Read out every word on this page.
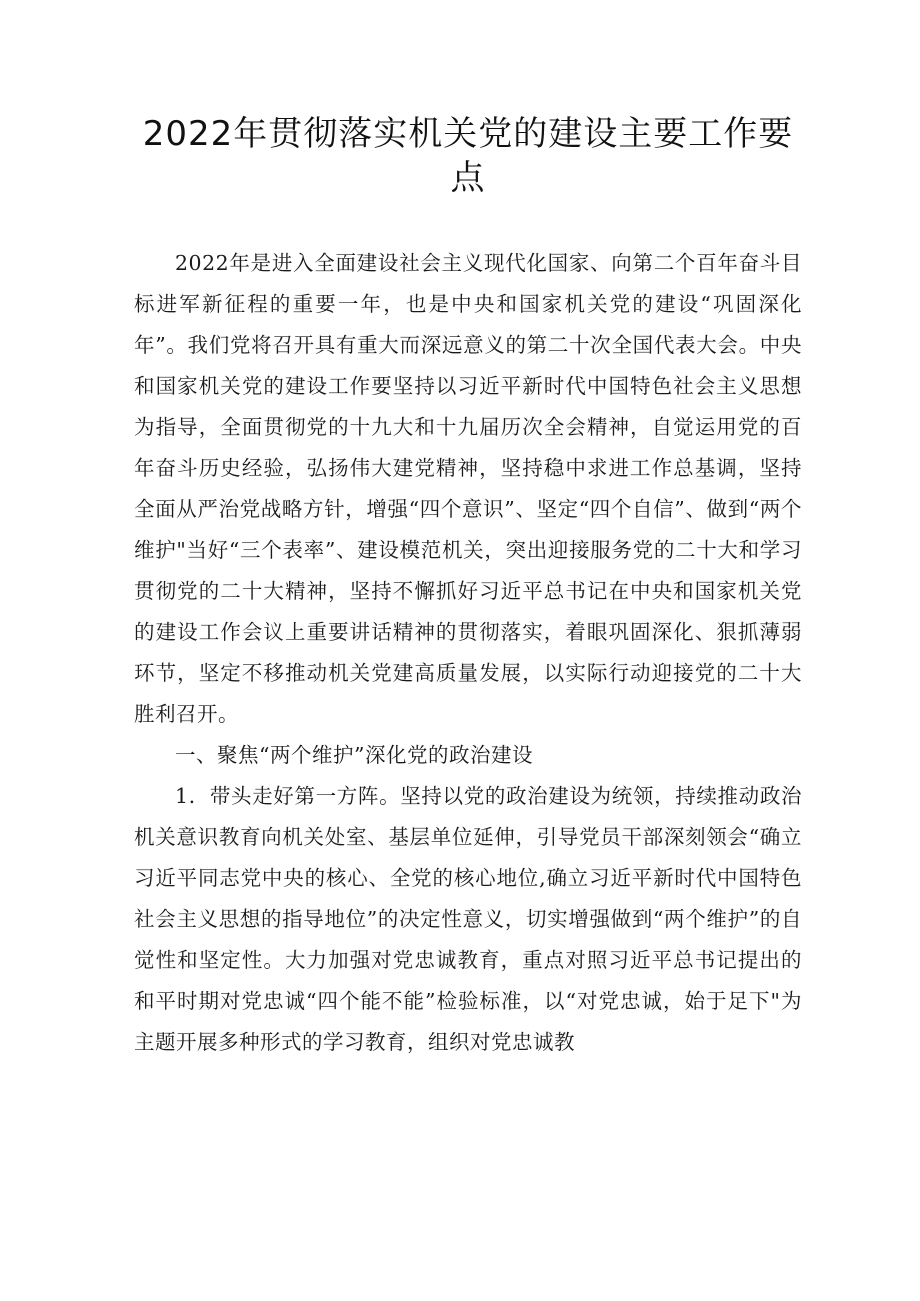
2022年贯彻落实机关党的建设主要工作要点

2022年是进入全面建设社会主义现代化国家、向第二个百年奋斗目标进军新征程的重要一年，也是中央和国家机关党的建设“巩固深化年”。我们党将召开具有重大而深远意义的第二十次全国代表大会。中央和国家机关党的建设工作要坚持以习近平新时代中国特色社会主义思想为指导，全面贯彻党的十九大和十九届历次全会精神，自觉运用党的百年奋斗历史经验，弘扬伟大建党精神，坚持稳中求进工作总基调，坚持全面从严治党战略方针，增强“四个意识”、坚定“四个自信”、做到“两个维护"当好“三个表率”、建设模范机关，突出迎接服务党的二十大和学习贯彻党的二十大精神，坚持不懈抓好习近平总书记在中央和国家机关党的建设工作会议上重要讲话精神的贯彻落实，着眼巩固深化、狠抓薄弱环节，坚定不移推动机关党建高质量发展，以实际行动迎接党的二十大胜利召开。

一、聚焦“两个维护”深化党的政治建设

1．带头走好第一方阵。坚持以党的政治建设为统领，持续推动政治机关意识教育向机关处室、基层单位延伸，引导党员干部深刻领会“确立习近平同志党中央的核心、全党的核心地位,确立习近平新时代中国特色社会主义思想的指导地位”的决定性意义，切实增强做到“两个维护”的自觉性和坚定性。大力加强对党忠诚教育，重点对照习近平总书记提出的和平时期对党忠诚“四个能不能”检验标准，以“对党忠诚，始于足下"为主题开展多种形式的学习教育，组织对党忠诚教
